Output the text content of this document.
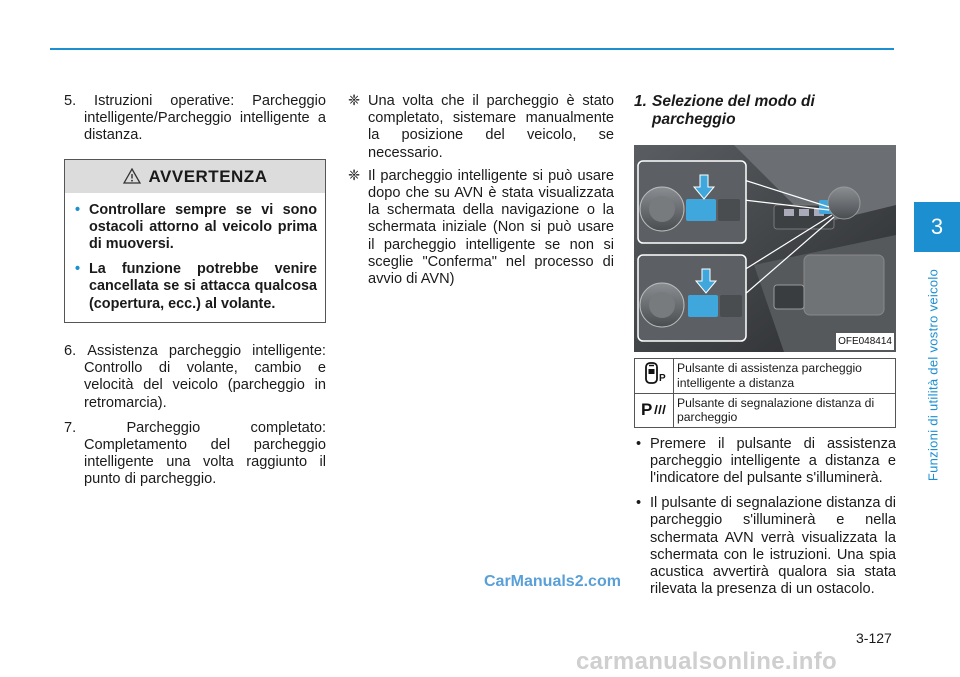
3
Funzioni di utilità del vostro veicolo
5. Istruzioni operative: Parcheggio intelligente/Parcheggio intelligente a distanza.
AVVERTENZA
• Controllare sempre se vi sono ostacoli attorno al veicolo prima di muoversi.
• La funzione potrebbe venire cancellata se si attacca qualcosa (copertura, ecc.) al volante.
6. Assistenza parcheggio intelligente: Controllo di volante, cambio e velocità del veicolo (parcheggio in retromarcia).
7.	Parcheggio completato: Completamento del parcheggio intelligente una volta raggiunto il punto di parcheggio.
❈ Una volta che il parcheggio è stato completato, sistemare manualmente la posizione del veicolo, se necessario.
❈ Il parcheggio intelligente si può usare dopo che su AVN è stata visualizzata la schermata della navigazione o la schermata iniziale (Non si può usare il parcheggio intelligente se non si sceglie "Conferma" nel processo di avvio di AVN)
1. Selezione del modo di
parcheggio
OFE048414
P	Pulsante di assistenza parcheggio intelligente a distanza

P	Pulsante di segnalazione distanza di parcheggio
• Premere il pulsante di assistenza parcheggio intelligente a distanza e l'indicatore del pulsante s'illuminerà.
• Il pulsante di segnalazione distanza di parcheggio s'illuminerà e nella schermata AVN verrà visualizzata la schermata con le istruzioni. Una spia acustica avvertirà qualora sia stata rilevata la presenza di un ostacolo.
3-127
CarManuals2.com
carmanualsonline.info
